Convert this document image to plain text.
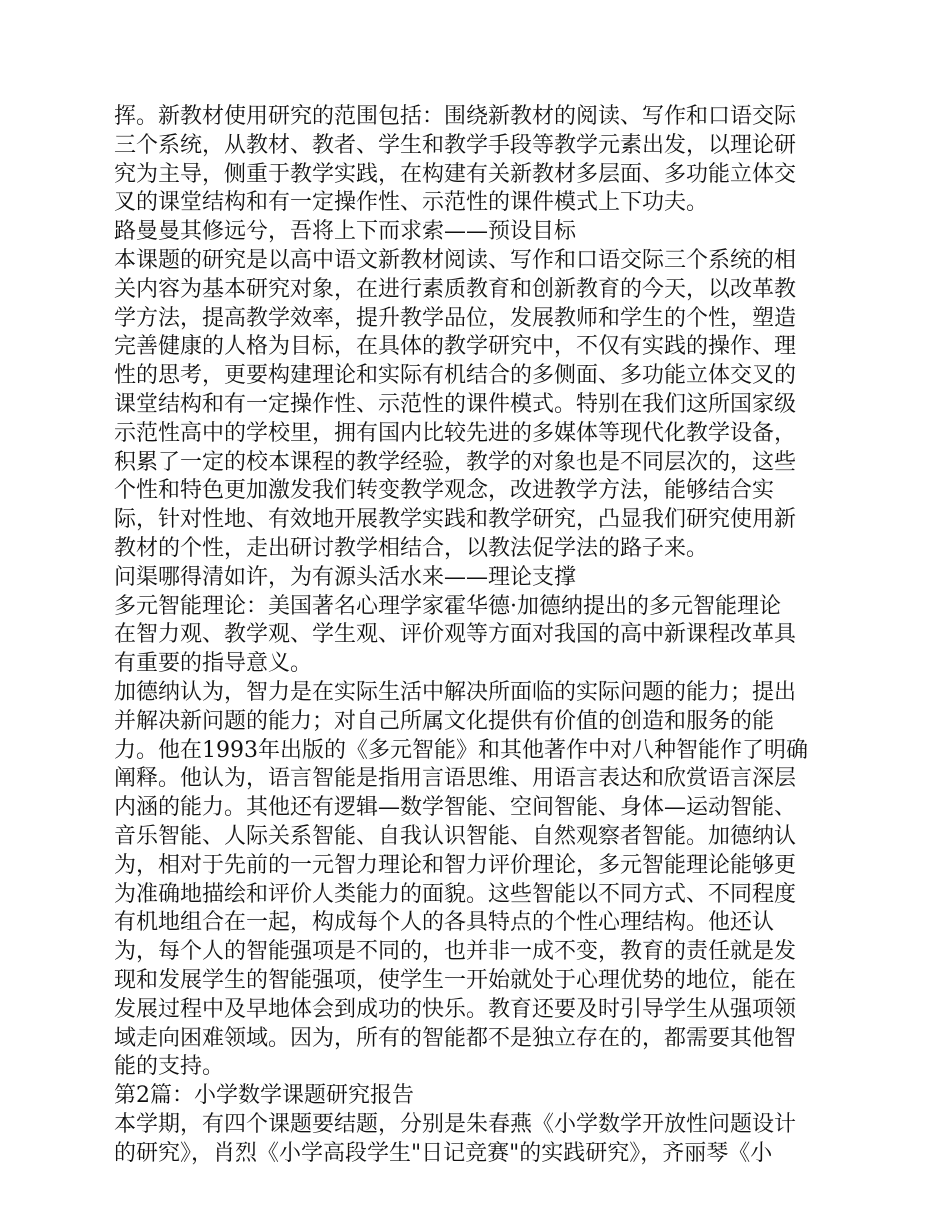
挥。新教材使用研究的范围包括：围绕新教材的阅读、写作和口语交际
三个系统，从教材、教者、学生和教学手段等教学元素出发，以理论研
究为主导，侧重于教学实践，在构建有关新教材多层面、多功能立体交
叉的课堂结构和有一定操作性、示范性的课件模式上下功夫。
路曼曼其修远兮，吾将上下而求索——预设目标
本课题的研究是以高中语文新教材阅读、写作和口语交际三个系统的相
关内容为基本研究对象，在进行素质教育和创新教育的今天，以改革教
学方法，提高教学效率，提升教学品位，发展教师和学生的个性，塑造
完善健康的人格为目标，在具体的教学研究中，不仅有实践的操作、理
性的思考，更要构建理论和实际有机结合的多侧面、多功能立体交叉的
课堂结构和有一定操作性、示范性的课件模式。特别在我们这所国家级
示范性高中的学校里，拥有国内比较先进的多媒体等现代化教学设备，
积累了一定的校本课程的教学经验，教学的对象也是不同层次的，这些
个性和特色更加激发我们转变教学观念，改进教学方法，能够结合实
际，针对性地、有效地开展教学实践和教学研究，凸显我们研究使用新
教材的个性，走出研讨教学相结合，以教法促学法的路子来。
问渠哪得清如许，为有源头活水来——理论支撑
多元智能理论：美国著名心理学家霍华德·加德纳提出的多元智能理论
在智力观、教学观、学生观、评价观等方面对我国的高中新课程改革具
有重要的指导意义。
加德纳认为，智力是在实际生活中解决所面临的实际问题的能力；提出
并解决新问题的能力；对自己所属文化提供有价值的创造和服务的能
力。他在1993年出版的《多元智能》和其他著作中对八种智能作了明确
阐释。他认为，语言智能是指用言语思维、用语言表达和欣赏语言深层
内涵的能力。其他还有逻辑—数学智能、空间智能、身体—运动智能、
音乐智能、人际关系智能、自我认识智能、自然观察者智能。加德纳认
为，相对于先前的一元智力理论和智力评价理论，多元智能理论能够更
为准确地描绘和评价人类能力的面貌。这些智能以不同方式、不同程度
有机地组合在一起，构成每个人的各具特点的个性心理结构。他还认
为，每个人的智能强项是不同的，也并非一成不变，教育的责任就是发
现和发展学生的智能强项，使学生一开始就处于心理优势的地位，能在
发展过程中及早地体会到成功的快乐。教育还要及时引导学生从强项领
域走向困难领域。因为，所有的智能都不是独立存在的，都需要其他智
能的支持。
第2篇：小学数学课题研究报告
本学期，有四个课题要结题，分别是朱春燕《小学数学开放性问题设计
的研究》，肖烈《小学高段学生"日记竞赛"的实践研究》，齐丽琴《小
